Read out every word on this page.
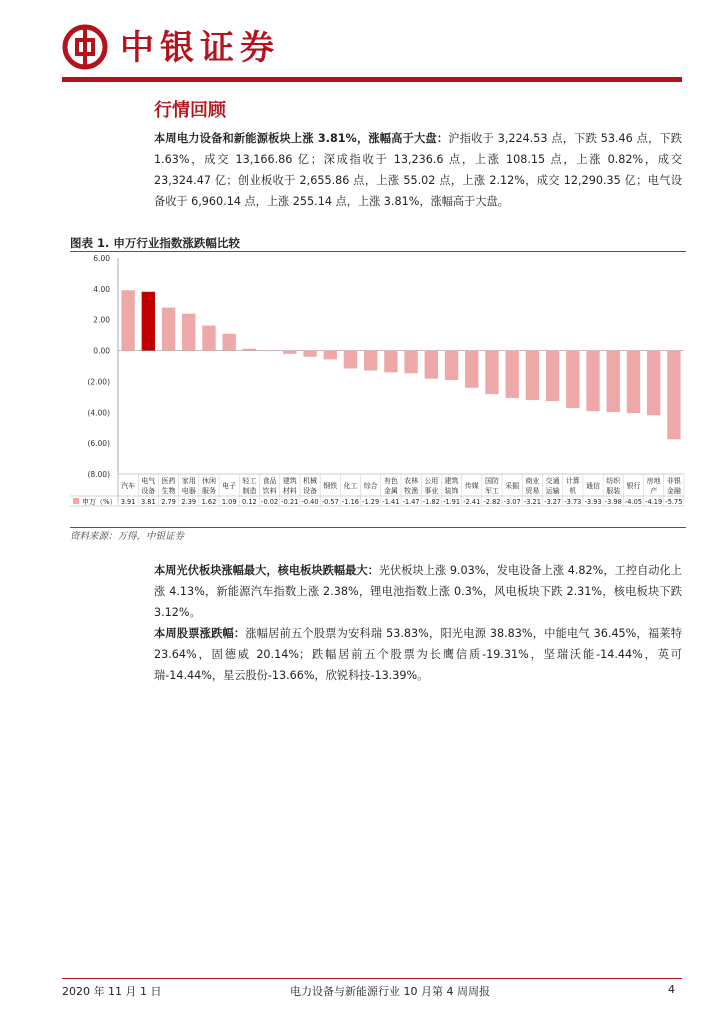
中银证券
行情回顾
本周电力设备和新能源板块上涨 3.81%，涨幅高于大盘：沪指收于 3,224.53 点，下跌 53.46 点，下跌 1.63%，成交 13,166.86 亿；深成指收于 13,236.6 点，上涨 108.15 点，上涨 0.82%，成交 23,324.47 亿；创业板收于 2,655.86 点，上涨 55.02 点，上涨 2.12%，成交 12,290.35 亿；电气设备收于 6,960.14 点，上涨 255.14 点，上涨 3.81%，涨幅高于大盘。
图表 1. 申万行业指数涨跌幅比较
6.00
4.00
2.00
0.00
(2.00)
(4.00)
(6.00)
(8.00)
汽车
3.91
电气
设备
3.81
医药
生物
2.79
家用
电器
2.39
休闲
服务
1.62
电子
1.09
轻工
制造
0.12
食品
饮料
-0.02
建筑
材料
-0.21
机械
设备
-0.40
钢铁
-0.57
化工
-1.16
综合
-1.29
有色
金属
-1.41
农林
牧渔
-1.47
公用
事业
-1.82
建筑
装饰
-1.91
传媒
-2.41
国防
军工
-2.82
采掘
-3.07
商业
贸易
-3.21
交通
运输
-3.27
计算
机
-3.73
通信
-3.93
纺织
服装
-3.98
银行
-4.05
房地
产
-4.19
非银
金融
-5.75
申万（%）
资料来源：万得，中银证券
本周光伏板块涨幅最大，核电板块跌幅最大：光伏板块上涨 9.03%，发电设备上涨 4.82%，工控自动化上涨 4.13%，新能源汽车指数上涨 2.38%，锂电池指数上涨 0.3%，风电板块下跌 2.31%，核电板块下跌 3.12%。
本周股票涨跌幅：涨幅居前五个股票为安科瑞 53.83%，阳光电源 38.83%，中能电气 36.45%，福莱特 23.64%，固德威 20.14%；跌幅居前五个股票为长鹰信质-19.31%，坚瑞沃能-14.44%，英可瑞-14.44%，星云股份-13.66%，欣锐科技-13.39%。
2020 年 11 月 1 日	电力设备与新能源行业 10 月第 4 周周报	4
